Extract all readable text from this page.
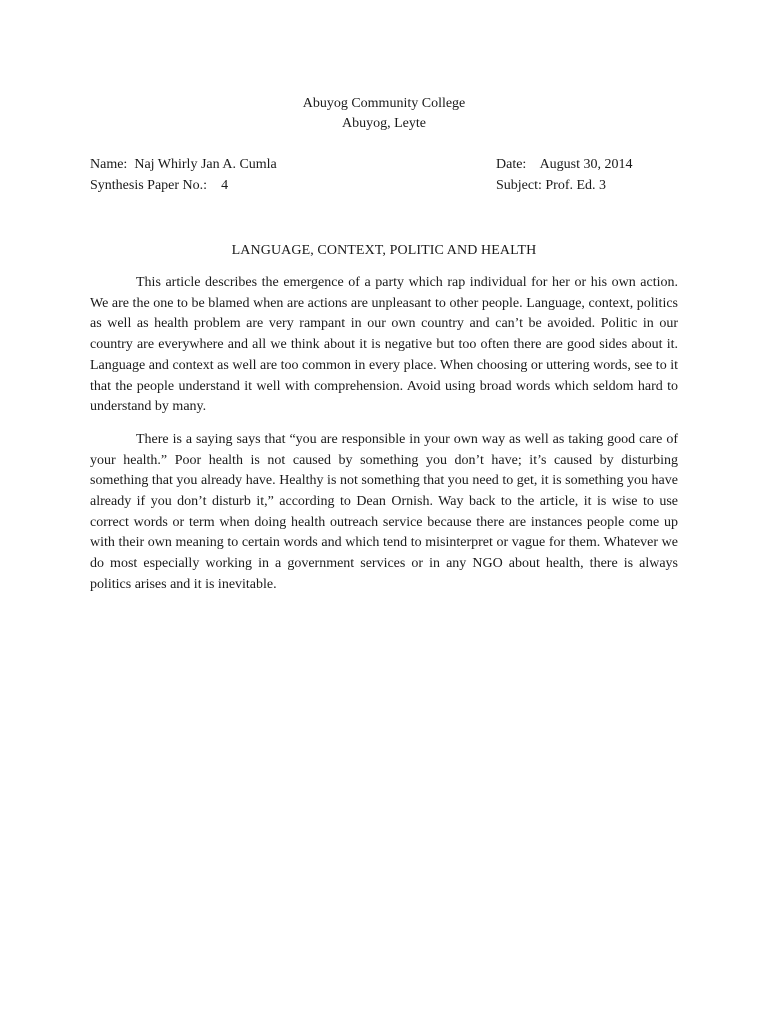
Abuyog Community College
Abuyog, Leyte
Name: Naj Whirly Jan A. Cumla	Date: August 30, 2014
Synthesis Paper No.: 4	Subject: Prof. Ed. 3
LANGUAGE, CONTEXT, POLITIC AND HEALTH

This article describes the emergence of a party which rap individual for her or his own action. We are the one to be blamed when are actions are unpleasant to other people. Language, context, politics as well as health problem are very rampant in our own country and can’t be avoided. Politic in our country are everywhere and all we think about it is negative but too often there are good sides about it. Language and context as well are too common in every place. When choosing or uttering words, see to it that the people understand it well with comprehension. Avoid using broad words which seldom hard to understand by many.

There is a saying says that “you are responsible in your own way as well as taking good care of your health.” Poor health is not caused by something you don’t have; it’s caused by disturbing something that you already have. Healthy is not something that you need to get, it is something you have already if you don’t disturb it,” according to Dean Ornish. Way back to the article, it is wise to use correct words or term when doing health outreach service because there are instances people come up with their own meaning to certain words and which tend to misinterpret or vague for them. Whatever we do most especially working in a government services or in any NGO about health, there is always politics arises and it is inevitable.
